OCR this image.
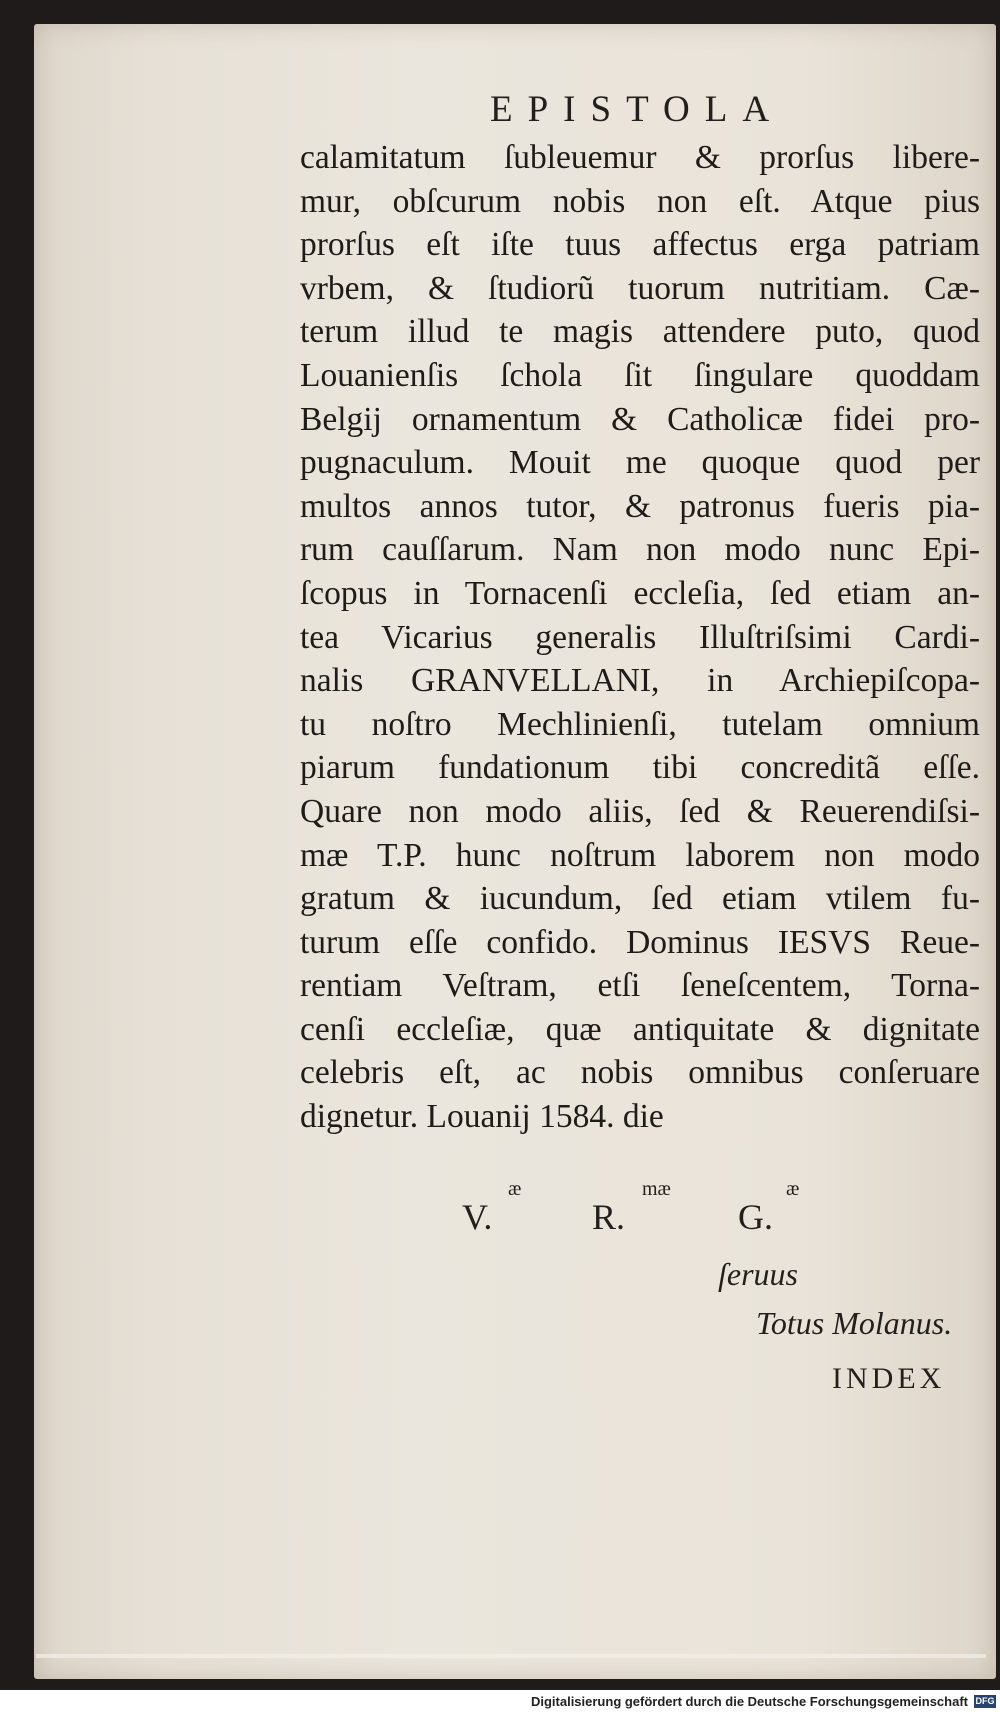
EPISTOLA
calamitatum ſubleuemur & prorſus libere-
mur, obſcurum nobis non eſt. Atque pius
prorſus eſt iſte tuus affectus erga patriam
vrbem, & ſtudiorũ tuorum nutritiam. Cæ-
terum illud te magis attendere puto, quod
Louanienſis ſchola ſit ſingulare quoddam
Belgij ornamentum & Catholicæ fidei pro-
pugnaculum. Mouit me quoque quod per
multos annos tutor, & patronus fueris pia-
rum cauſſarum. Nam non modo nunc Epi-
ſcopus in Tornacenſi eccleſia, ſed etiam an-
tea Vicarius generalis Illuſtriſsimi Cardi-
nalis GRANVELLANI, in Archiepiſcopa-
tu noſtro Mechlinienſi, tutelam omnium
piarum fundationum tibi concreditã eſſe.
Quare non modo aliis, ſed & Reuerendiſsi-
mæ T.P. hunc noſtrum laborem non modo
gratum & iucundum, ſed etiam vtilem fu-
turum eſſe confido. Dominus IESVS Reue-
rentiam Veſtram, etſi ſeneſcentem, Torna-
cenſi eccleſiæ, quæ antiquitate & dignitate
celebris eſt, ac nobis omnibus conſeruare
dignetur. Louanij 1584. die
æ	mæ	æ
V.	R.	G.
ſeruus
Totus Molanus.
INDEX
Digitalisierung gefördert durch die Deutsche Forschungsgemeinschaft DFG
